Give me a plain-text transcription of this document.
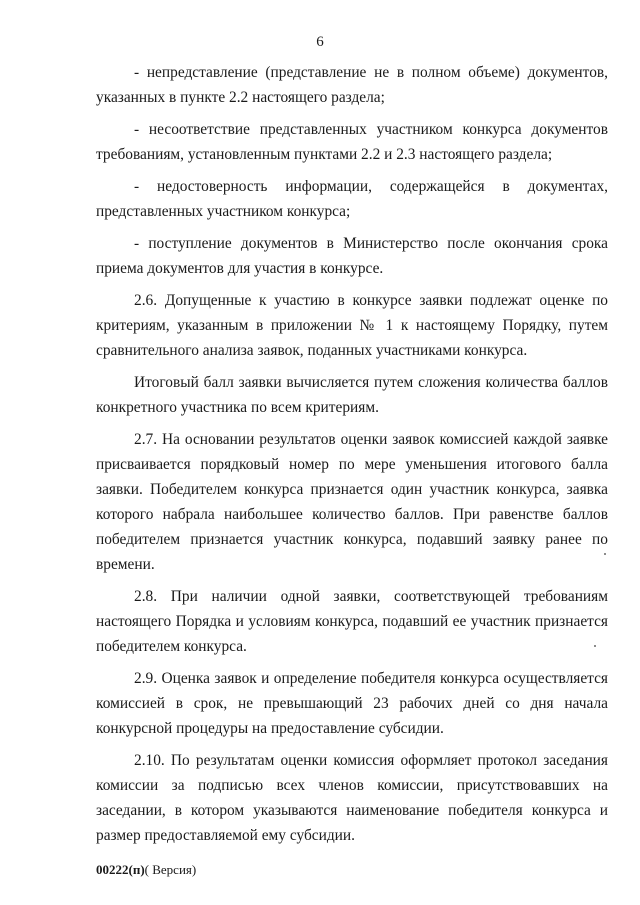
6

- непредставление (представление не в полном объеме) документов, указанных в пункте 2.2 настоящего раздела;

- несоответствие представленных участником конкурса документов требованиям, установленным пунктами 2.2 и 2.3 настоящего раздела;

- недостоверность информации, содержащейся в документах, представленных участником конкурса;

- поступление документов в Министерство после окончания срока приема документов для участия в конкурсе.

2.6. Допущенные к участию в конкурсе заявки подлежат оценке по критериям, указанным в приложении № 1 к настоящему Порядку, путем сравнительного анализа заявок, поданных участниками конкурса.

Итоговый балл заявки вычисляется путем сложения количества баллов конкретного участника по всем критериям.

2.7. На основании результатов оценки заявок комиссией каждой заявке присваивается порядковый номер по мере уменьшения итогового балла заявки. Победителем конкурса признается один участник конкурса, заявка которого набрала наибольшее количество баллов. При равенстве баллов победителем признается участник конкурса, подавший заявку ранее по времени.

2.8. При наличии одной заявки, соответствующей требованиям настоящего Порядка и условиям конкурса, подавший ее участник признается победителем конкурса.

2.9. Оценка заявок и определение победителя конкурса осуществляется комиссией в срок, не превышающий 23 рабочих дней со дня начала конкурсной процедуры на предоставление субсидии.

2.10. По результатам оценки комиссия оформляет протокол заседания комиссии за подписью всех членов комиссии, присутствовавших на заседании, в котором указываются наименование победителя конкурса и размер предоставляемой ему субсидии.

00222(п)( Версия)
